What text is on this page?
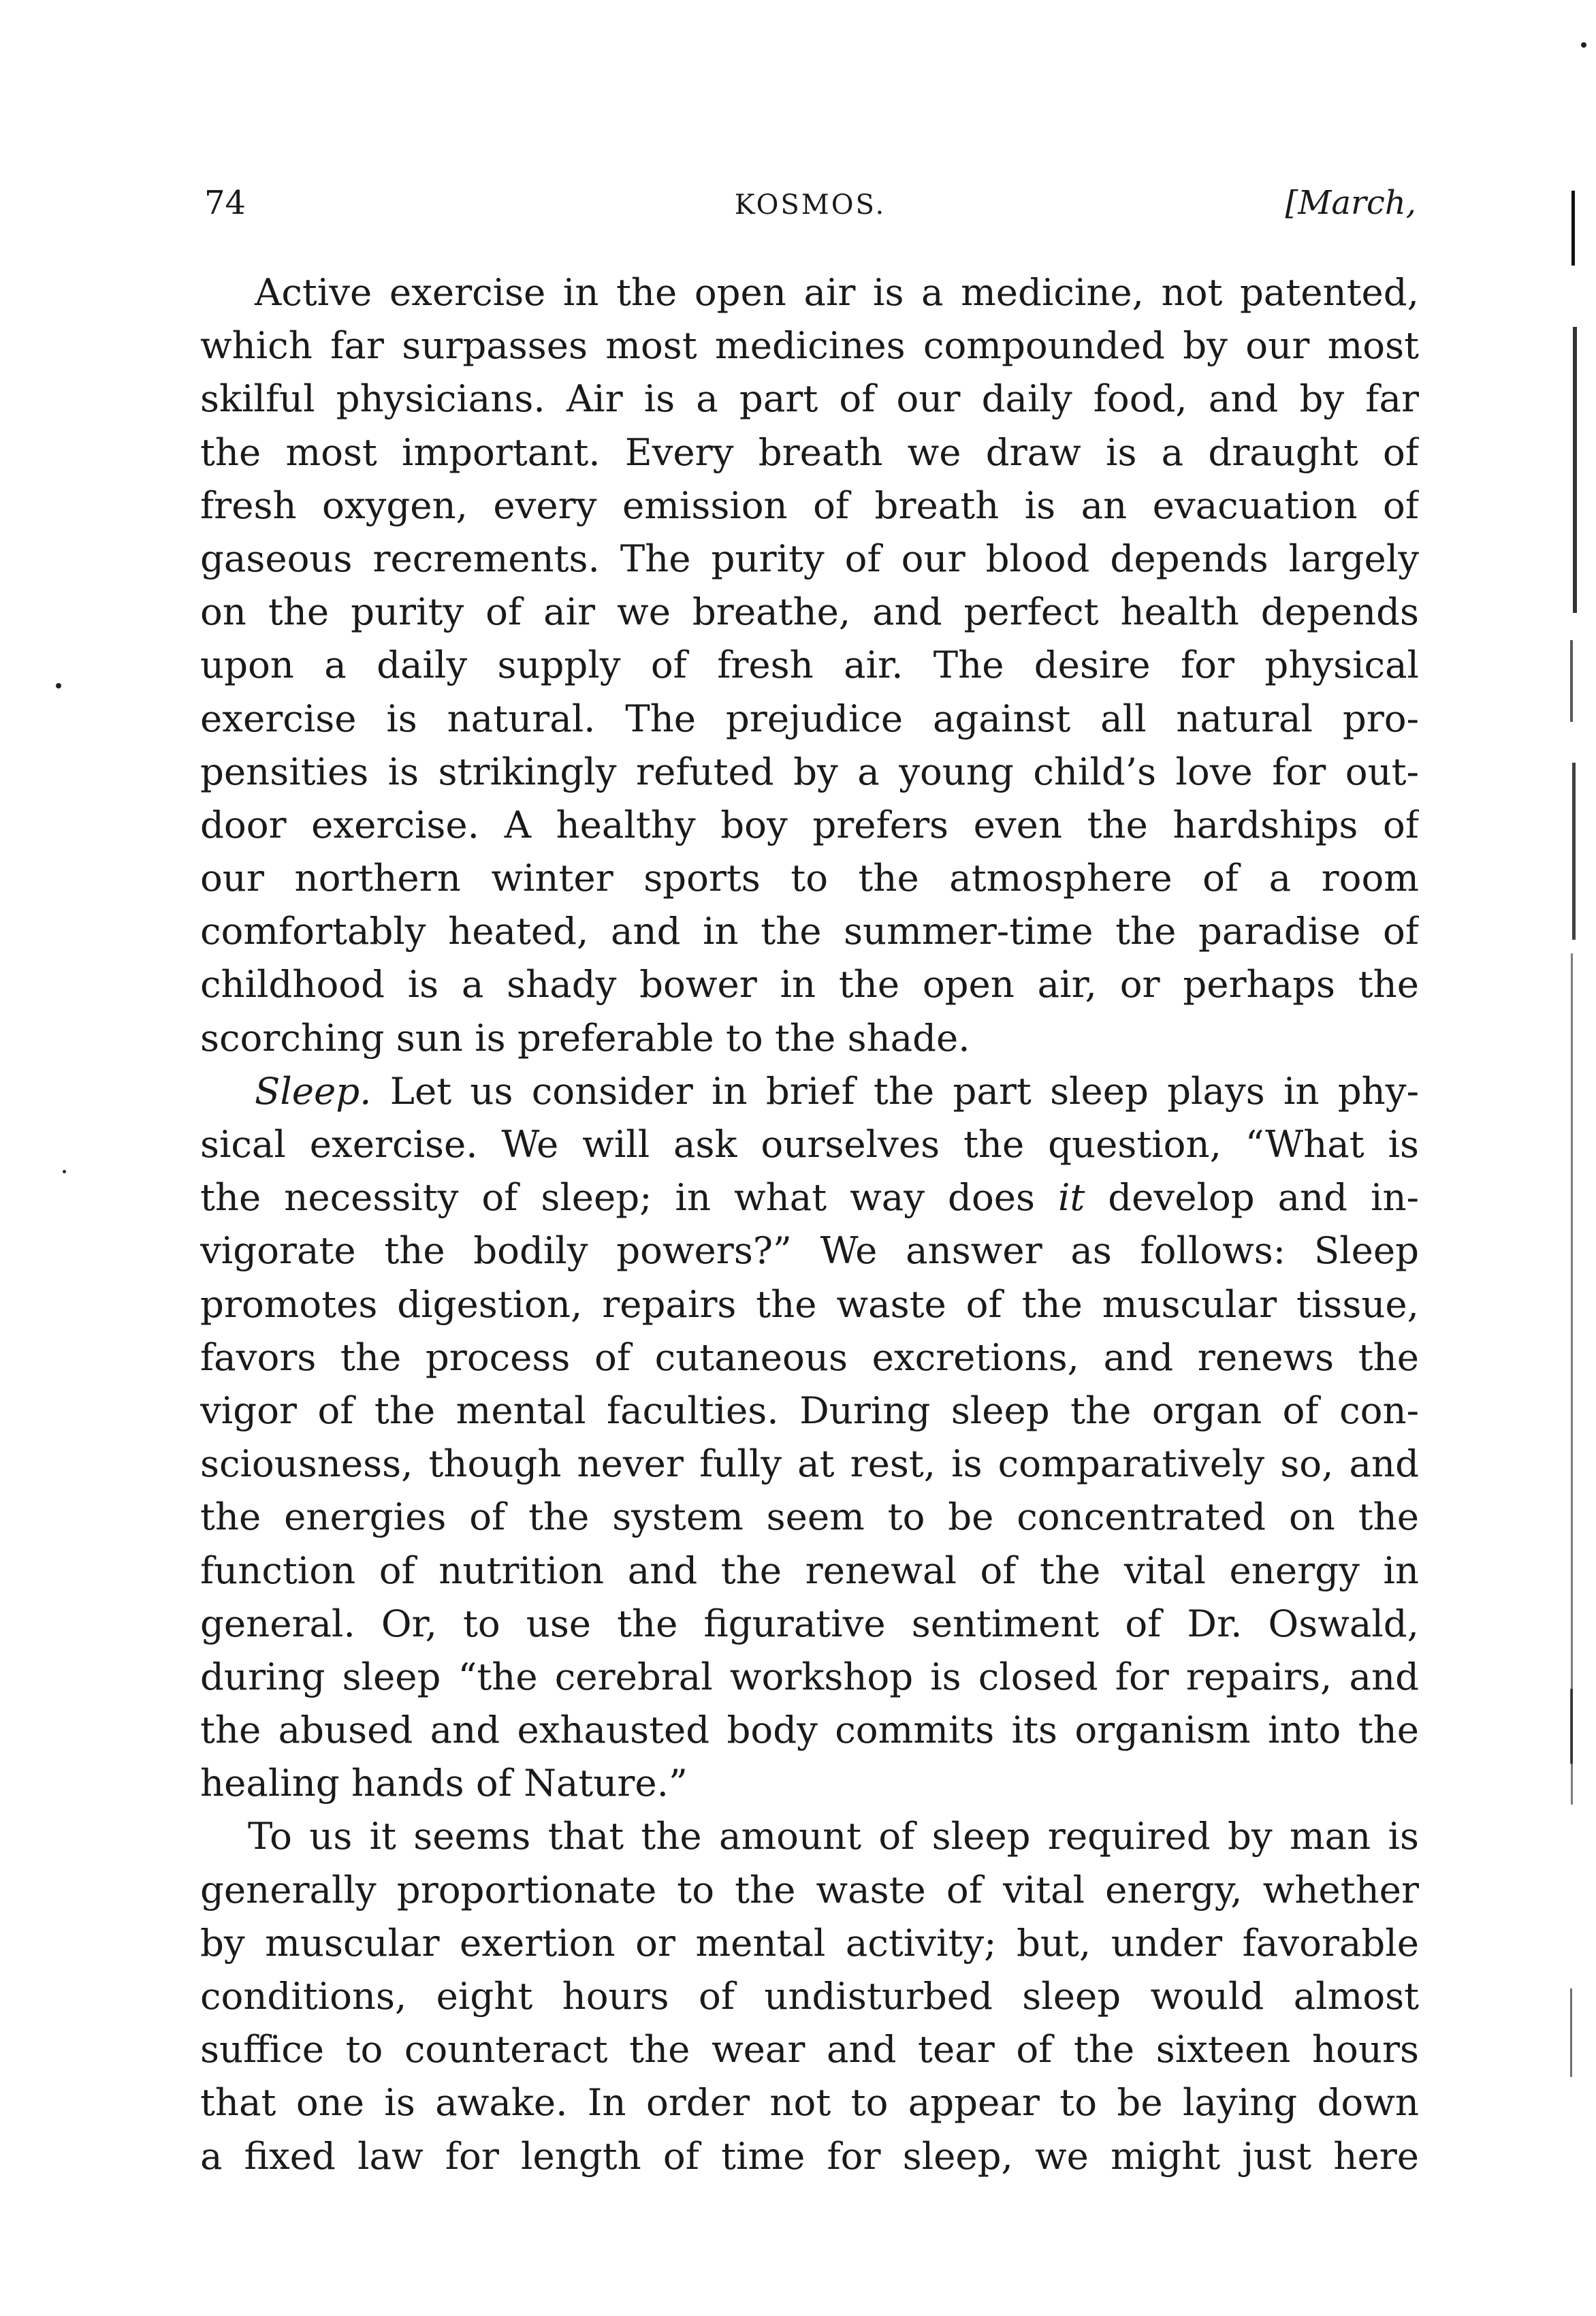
74	KOSMOS.	[March,
Active exercise in the open air is a medicine, not patented,
which far surpasses most medicines compounded by our most
skilful physicians. Air is a part of our daily food, and by far
the most important. Every breath we draw is a draught of
fresh oxygen, every emission of breath is an evacuation of
gaseous recrements. The purity of our blood depends largely
on the purity of air we breathe, and perfect health depends
upon a daily supply of fresh air. The desire for physical
exercise is natural. The prejudice against all natural pro-
pensities is strikingly refuted by a young child’s love for out-
door exercise. A healthy boy prefers even the hardships of
our northern winter sports to the atmosphere of a room
comfortably heated, and in the summer-time the paradise of
childhood is a shady bower in the open air, or perhaps the
scorching sun is preferable to the shade.
Sleep. Let us consider in brief the part sleep plays in phy-
sical exercise. We will ask ourselves the question, “What is
the necessity of sleep; in what way does it develop and in-
vigorate the bodily powers?” We answer as follows: Sleep
promotes digestion, repairs the waste of the muscular tissue,
favors the process of cutaneous excretions, and renews the
vigor of the mental faculties. During sleep the organ of con-
sciousness, though never fully at rest, is comparatively so, and
the energies of the system seem to be concentrated on the
function of nutrition and the renewal of the vital energy in
general. Or, to use the figurative sentiment of Dr. Oswald,
during sleep “the cerebral workshop is closed for repairs, and
the abused and exhausted body commits its organism into the
healing hands of Nature.”
To us it seems that the amount of sleep required by man is
generally proportionate to the waste of vital energy, whether
by muscular exertion or mental activity; but, under favorable
conditions, eight hours of undisturbed sleep would almost
suffice to counteract the wear and tear of the sixteen hours
that one is awake. In order not to appear to be laying down
a fixed law for length of time for sleep, we might just here
